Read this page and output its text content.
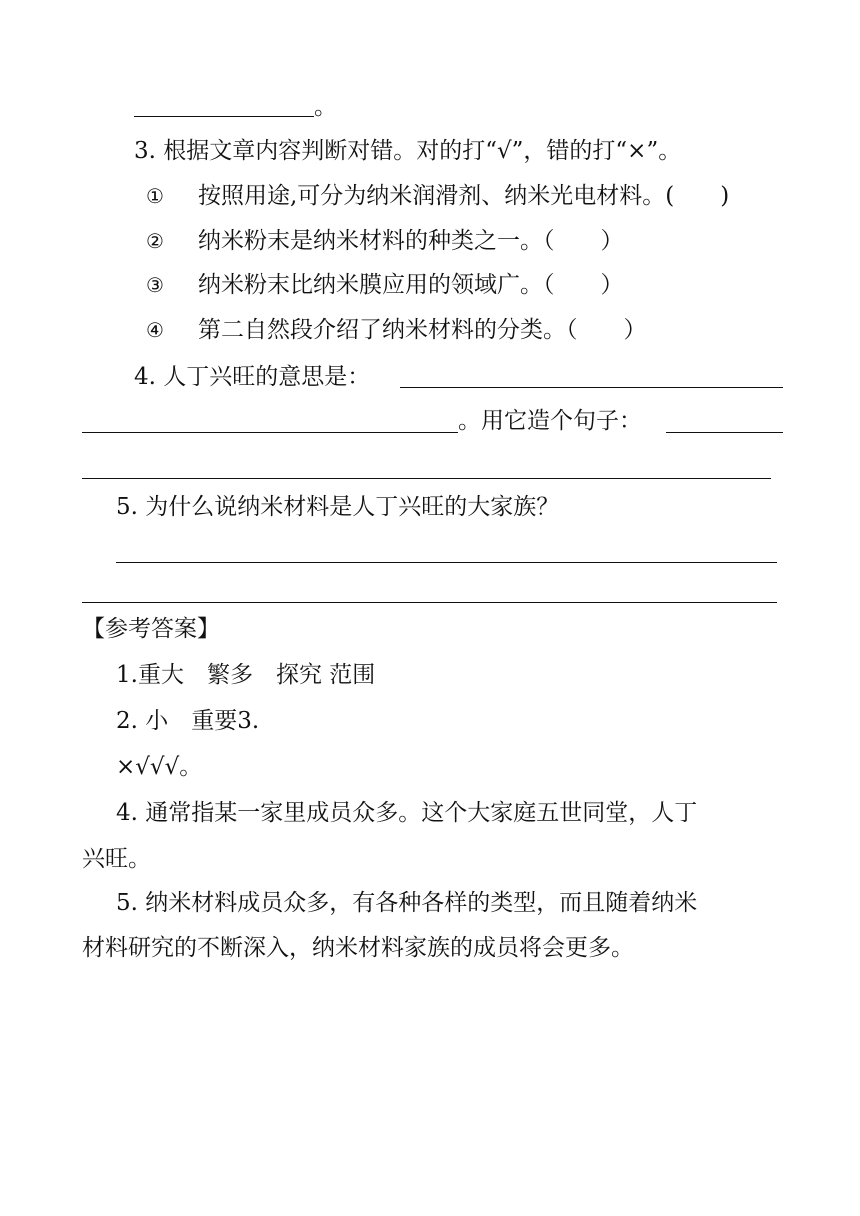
。
3. 根据文章内容判断对错。对的打“√”，错的打“×”。
① 按照用途,可分为纳米润滑剂、纳米光电材料。(　　)
② 纳米粉末是纳米材料的种类之一。（　　）
③ 纳米粉末比纳米膜应用的领域广。（　　）
④ 第二自然段介绍了纳米材料的分类。（　　）
4. 人丁兴旺的意思是：
。用它造个句子：
5. 为什么说纳米材料是人丁兴旺的大家族？
【参考答案】
1.重大　繁多　探究 范围
2. 小　重要3.
×√√√。
4. 通常指某一家里成员众多。这个大家庭五世同堂，人丁
兴旺。
5. 纳米材料成员众多，有各种各样的类型，而且随着纳米
材料研究的不断深入，纳米材料家族的成员将会更多。
